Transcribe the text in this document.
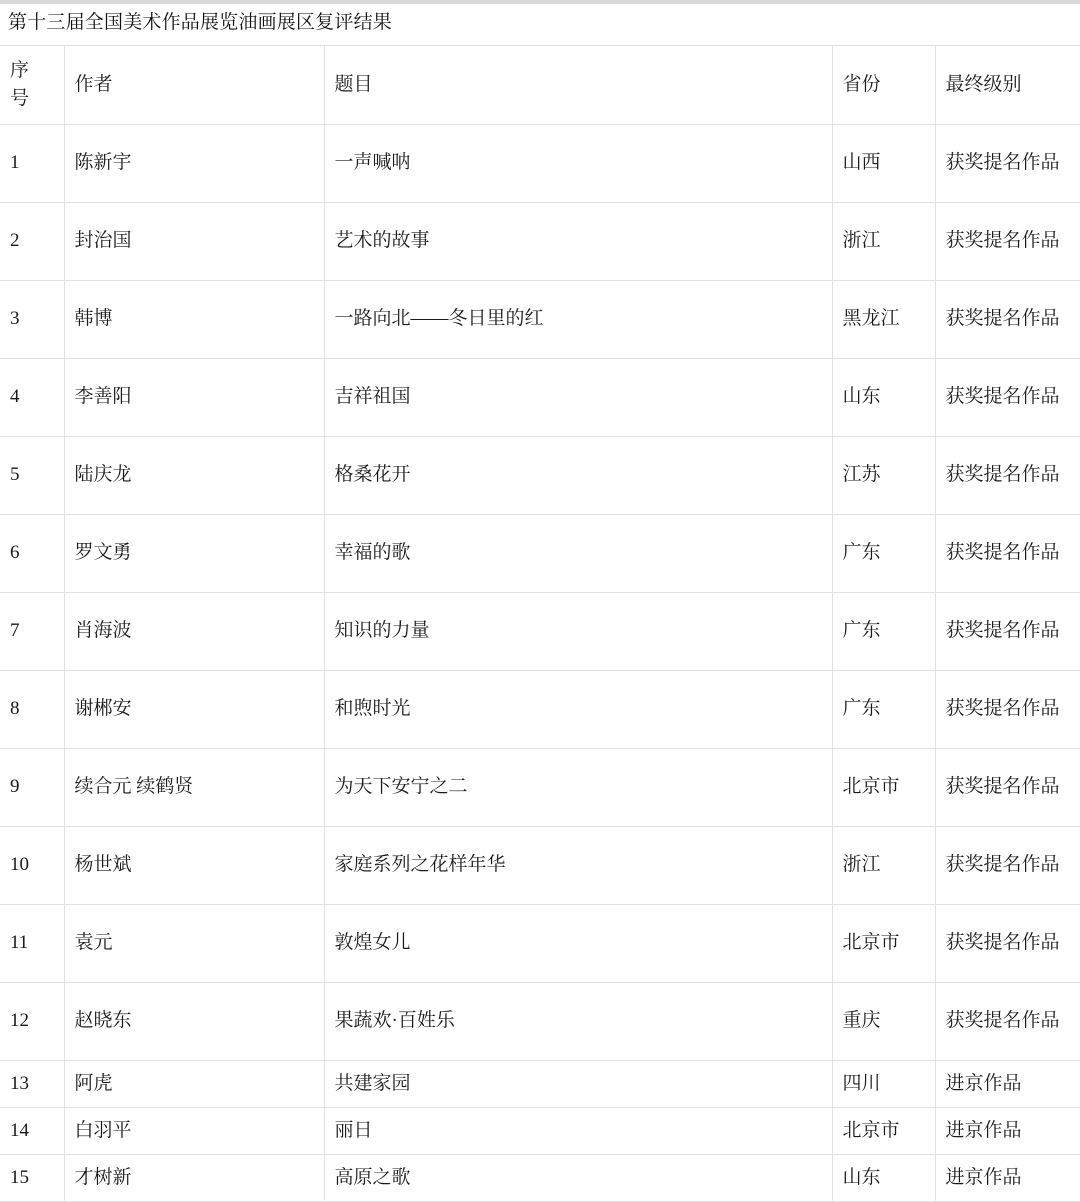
第十三届全国美术作品展览油画展区复评结果
序
号	作者	题目	省份	最终级别
1	陈新宇	一声喊呐	山西	获奖提名作品
2	封治国	艺术的故事	浙江	获奖提名作品
3	韩博	一路向北——冬日里的红	黑龙江	获奖提名作品
4	李善阳	吉祥祖国	山东	获奖提名作品
5	陆庆龙	格桑花开	江苏	获奖提名作品
6	罗文勇	幸福的歌	广东	获奖提名作品
7	肖海波	知识的力量	广东	获奖提名作品
8	谢郴安	和煦时光	广东	获奖提名作品
9	续合元 续鹤贤	为天下安宁之二	北京市	获奖提名作品
10	杨世斌	家庭系列之花样年华	浙江	获奖提名作品
11	袁元	敦煌女儿	北京市	获奖提名作品
12	赵晓东	果蔬欢·百姓乐	重庆	获奖提名作品
13	阿虎	共建家园	四川	进京作品
14	白羽平	丽日	北京市	进京作品
15	才树新	高原之歌	山东	进京作品
